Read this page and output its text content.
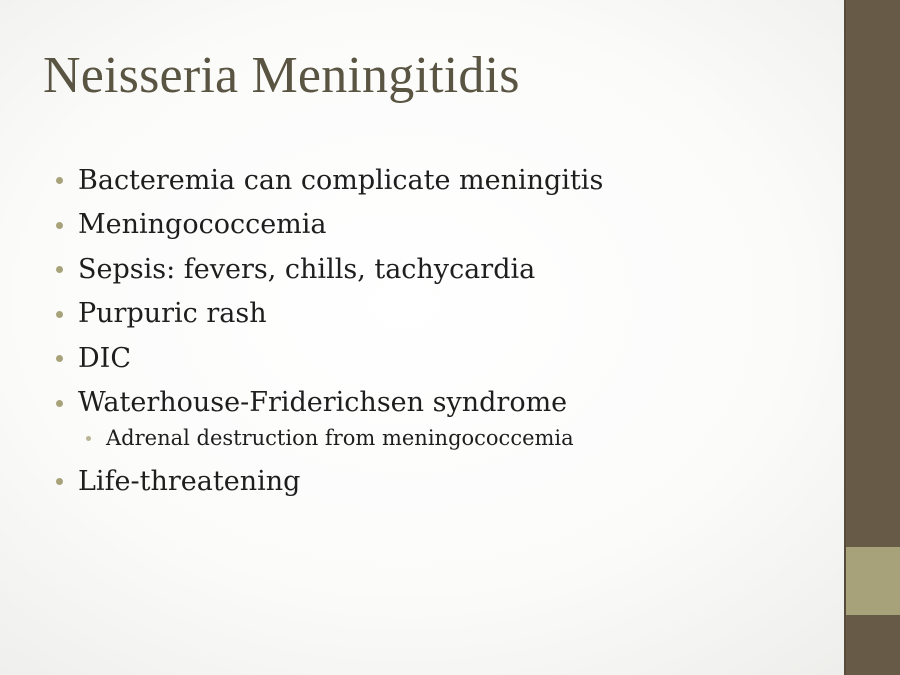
Neisseria Meningitidis
Bacteremia can complicate meningitis
Meningococcemia
Sepsis: fevers, chills, tachycardia
Purpuric rash
DIC
Waterhouse-Friderichsen syndrome
Adrenal destruction from meningococcemia
Life-threatening
